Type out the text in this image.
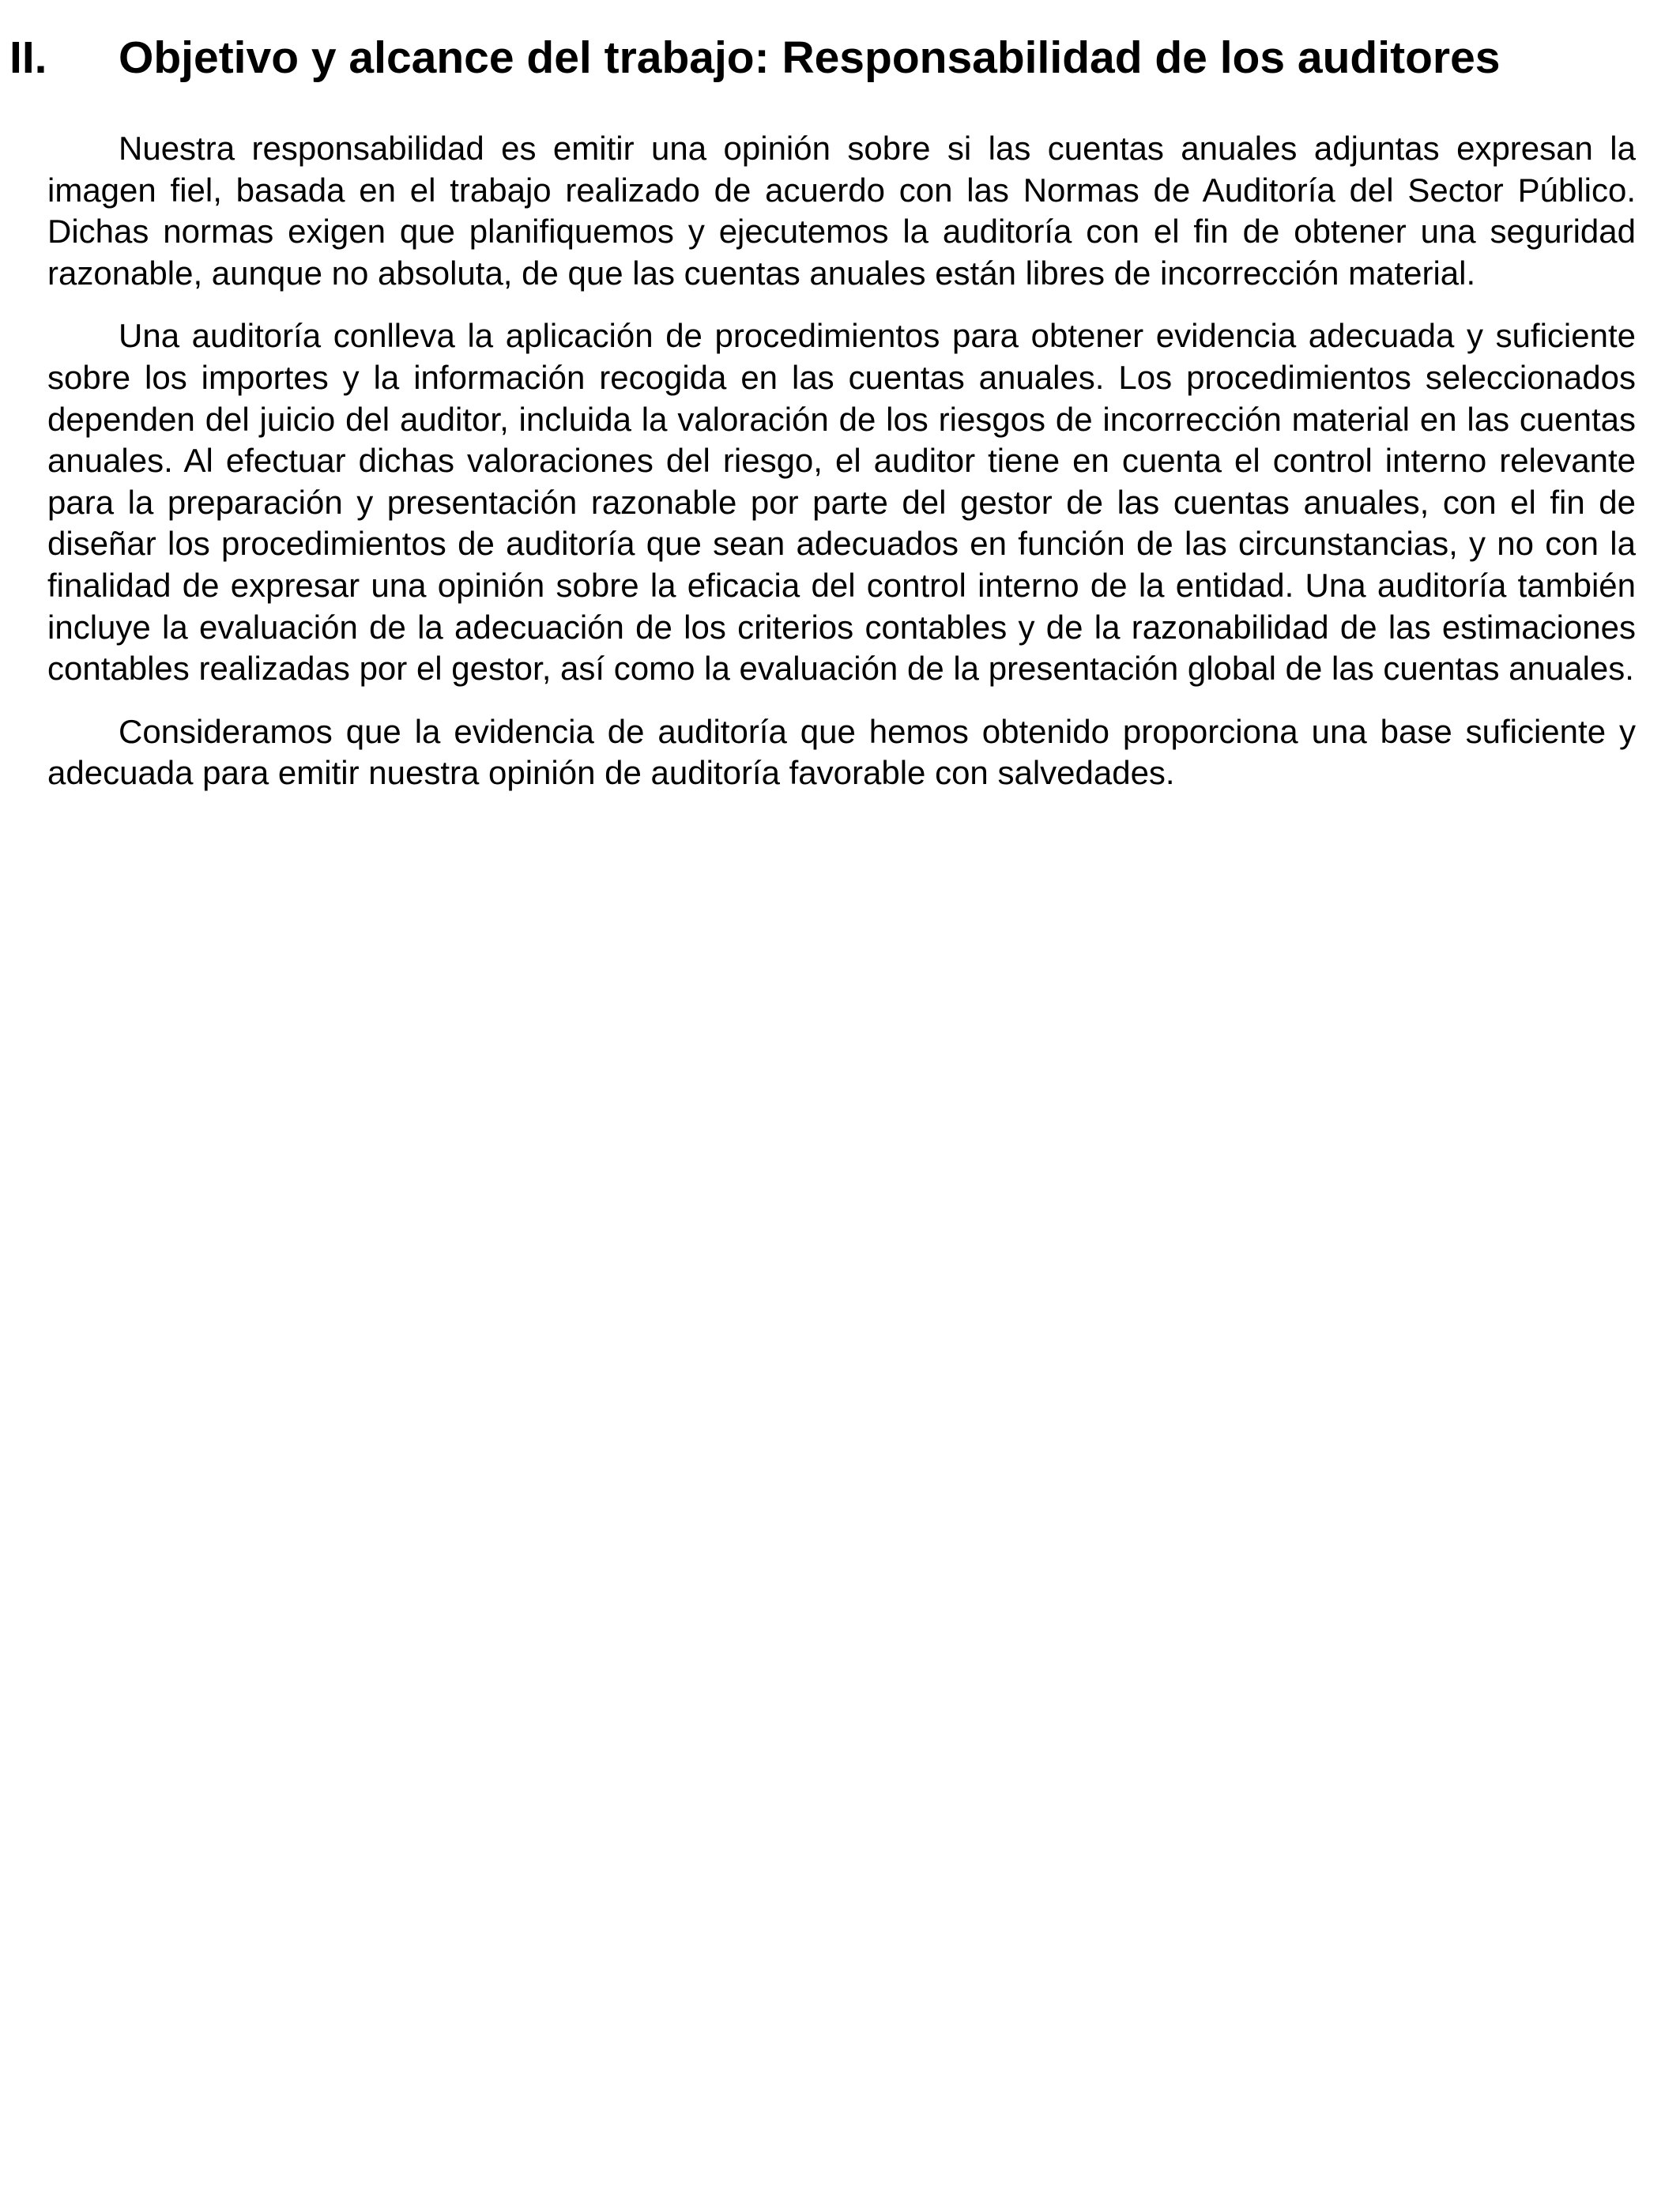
II. Objetivo y alcance del trabajo: Responsabilidad de los auditores

Nuestra responsabilidad es emitir una opinión sobre si las cuentas anuales adjuntas expresan la imagen fiel, basada en el trabajo realizado de acuerdo con las Normas de Auditoría del Sector Público. Dichas normas exigen que planifiquemos y ejecutemos la auditoría con el fin de obtener una seguridad razonable, aunque no absoluta, de que las cuentas anuales están libres de incorrección material.

Una auditoría conlleva la aplicación de procedimientos para obtener evidencia adecuada y suficiente sobre los importes y la información recogida en las cuentas anuales. Los procedimientos seleccionados dependen del juicio del auditor, incluida la valoración de los riesgos de incorrección material en las cuentas anuales. Al efectuar dichas valoraciones del riesgo, el auditor tiene en cuenta el control interno relevante para la preparación y presentación razonable por parte del gestor de las cuentas anuales, con el fin de diseñar los procedimientos de auditoría que sean adecuados en función de las circunstancias, y no con la finalidad de expresar una opinión sobre la eficacia del control interno de la entidad. Una auditoría también incluye la evaluación de la adecuación de los criterios contables y de la razonabilidad de las estimaciones contables realizadas por el gestor, así como la evaluación de la presentación global de las cuentas anuales.

Consideramos que la evidencia de auditoría que hemos obtenido proporciona una base suficiente y adecuada para emitir nuestra opinión de auditoría favorable con salvedades.
